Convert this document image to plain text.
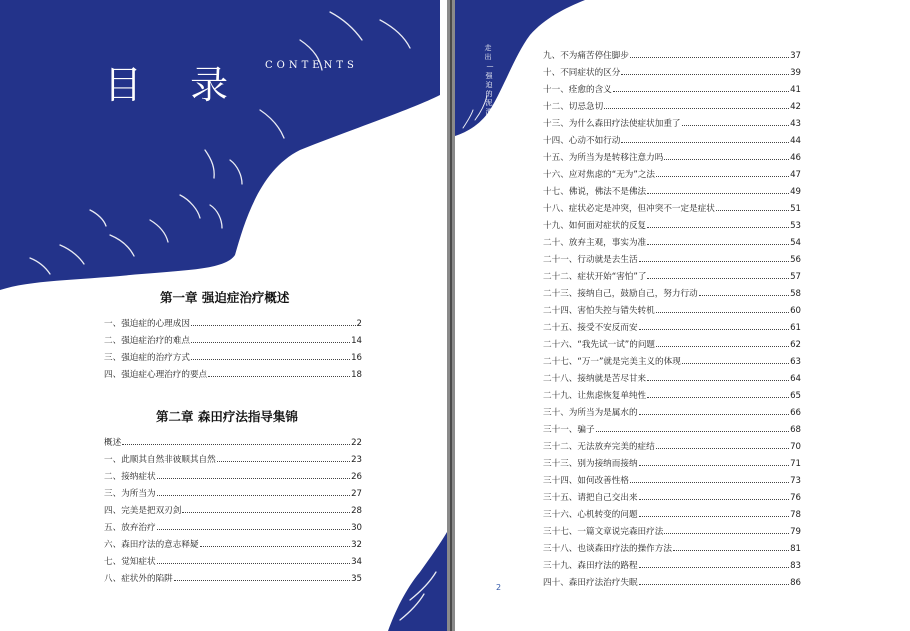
目 录 CONTENTS
第一章 强迫症治疗概述
一、强迫症的心理成因	2
二、强迫症治疗的难点	14
三、强迫症的治疗方式	16
四、强迫症心理治疗的要点	18
第二章 森田疗法指导集锦
概述	22
一、此顺其自然非彼顺其自然	23
二、接纳症状	26
三、为所当为	27
四、完美是把双刃剑	28
五、放弃治疗	30
六、森田疗法的意志释疑	32
七、觉知症状	34
八、症状外的陷阱	35
走
出
—
强
迫
的
泥
潭
九、不为痛苦停住脚步	37
十、不同症状的区分	39
十一、痊愈的含义	41
十二、切忌急切	42
十三、为什么森田疗法使症状加重了	43
十四、心动不如行动	44
十五、为所当为是转移注意力吗	46
十六、应对焦虑的“无为”之法	47
十七、佛说，佛法不是佛法	49
十八、症状必定是冲突，但冲突不一定是症状	51
十九、如何面对症状的反复	53
二十、放弃主观，事实为准	54
二十一、行动就是去生活	56
二十二、症状开始“害怕”了	57
二十三、接纳自己，鼓励自己，努力行动	58
二十四、害怕失控与错失转机	60
二十五、接受不安反而安	61
二十六、“我先试一试”的问题	62
二十七、“万一”就是完美主义的体现	63
二十八、接纳就是苦尽甘来	64
二十九、让焦虑恢复单纯性	65
三十、为所当为是属水的	66
三十一、骗子	68
三十二、无法放弃完美的症结	70
三十三、别为接纳而接纳	71
三十四、如何改善性格	73
三十五、请把自己交出来	76
三十六、心机转变的问题	78
三十七、一篇文章说完森田疗法	79
三十八、也谈森田疗法的操作方法	81
三十九、森田疗法的路程	83
四十、森田疗法治疗失眠	86
2
